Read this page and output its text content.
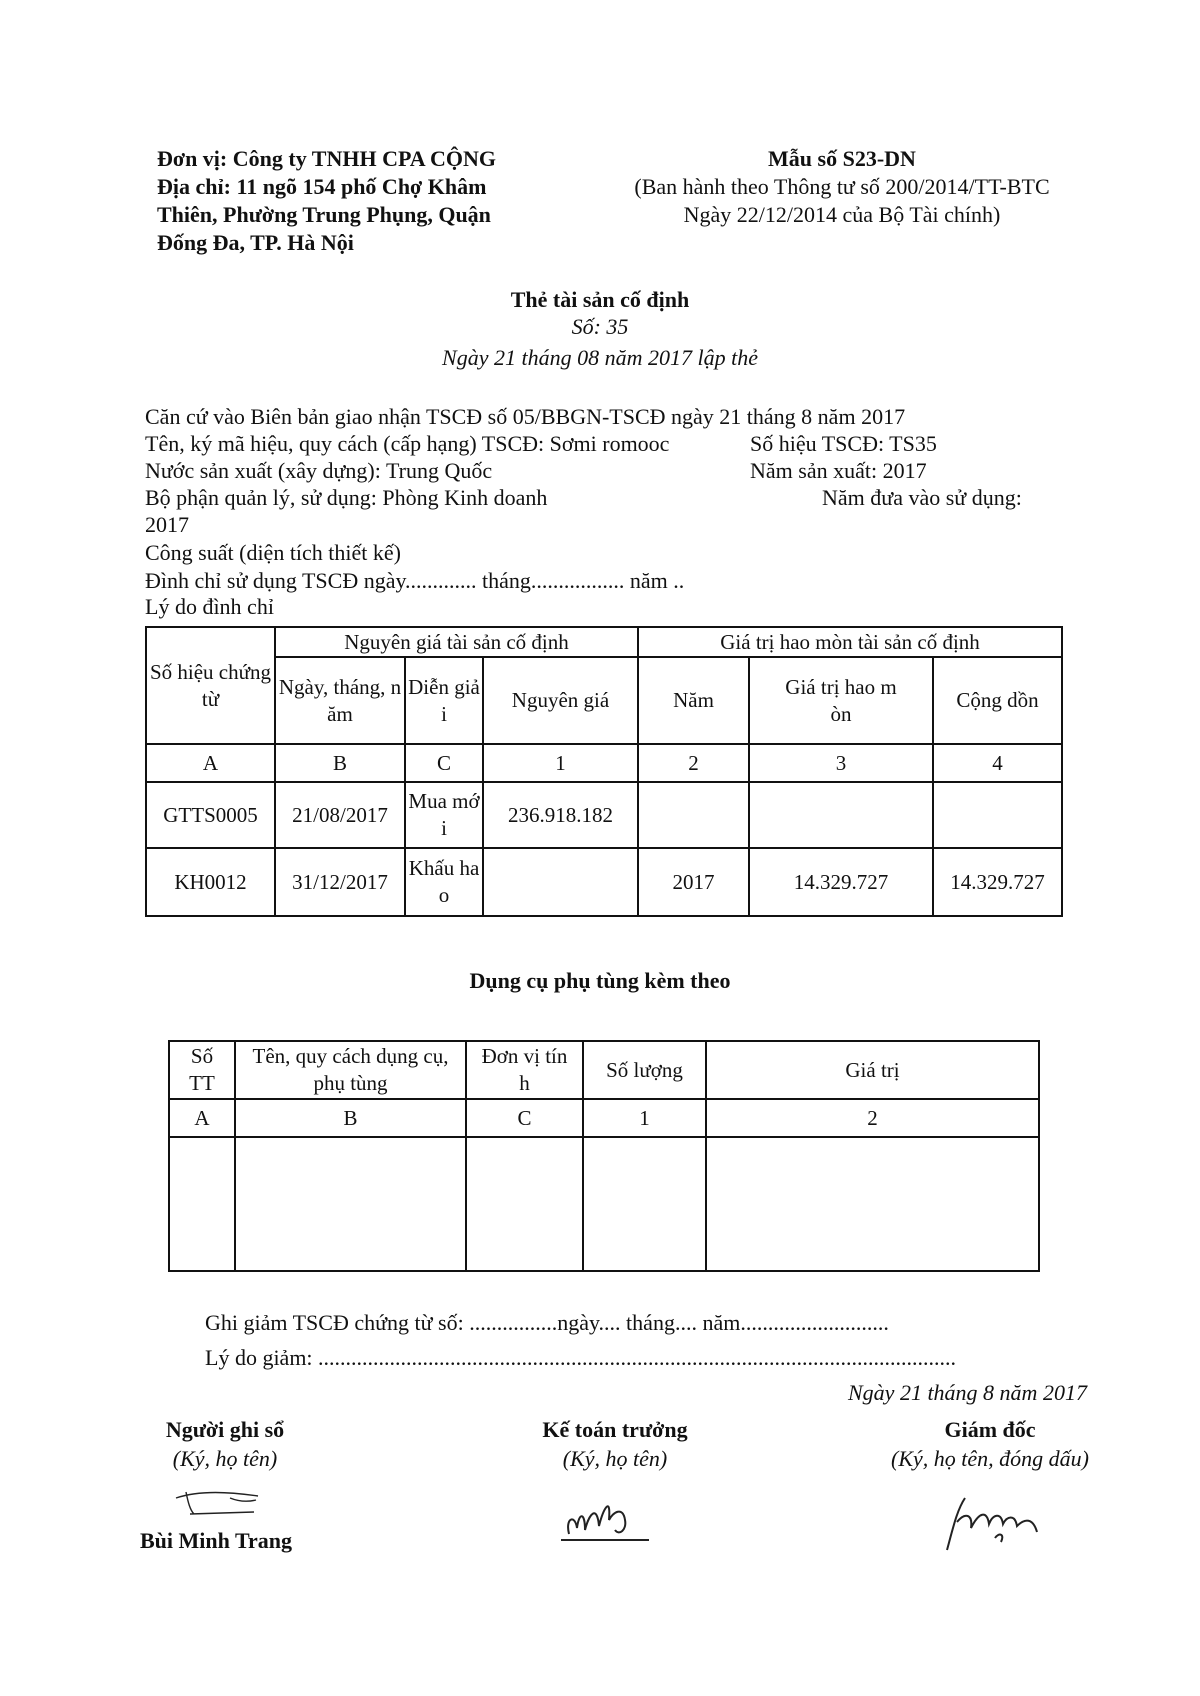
Đơn vị: Công ty TNHH CPA CỘNG
Địa chỉ: 11 ngõ 154 phố Chợ Khâm
Thiên, Phường Trung Phụng, Quận
Đống Đa, TP. Hà Nội
Mẫu số S23-DN
(Ban hành theo Thông tư số 200/2014/TT-BTC
Ngày 22/12/2014 của Bộ Tài chính)
Thẻ tài sản cố định
Số: 35
Ngày 21 tháng 08 năm 2017 lập thẻ
Căn cứ vào Biên bản giao nhận TSCĐ số 05/BBGN-TSCĐ ngày 21 tháng 8 năm 2017
Tên, ký mã hiệu, quy cách (cấp hạng) TSCĐ: Sơmi romooc	Số hiệu TSCĐ: TS35
Nước sản xuất (xây dựng): Trung Quốc	Năm sản xuất: 2017
Bộ phận quản lý, sử dụng: Phòng Kinh doanh	Năm đưa vào sử dụng:
2017
Công suất (diện tích thiết kế)
Đình chỉ sử dụng TSCĐ ngày............. tháng................. năm ..
Lý do đình chỉ
Số hiệu chứng từ	Nguyên giá tài sản cố định			Giá trị hao mòn tài sản cố định		

	Ngày, tháng, năm	Diễn giải	Nguyên giá	Năm	Giá trị hao mòn	Cộng dồn
A	B	C	1	2	3	4

GTTS0005	21/08/2017	Mua mới	236.918.182			

KH0012	31/12/2017	Khấu hao		2017	14.329.727	14.329.727
Dụng cụ phụ tùng kèm theo
Số TT	Tên, quy cách dụng cụ, phụ tùng	Đơn vị tính	Số lượng	Giá trị
A	B	C	1	2

Ghi giảm TSCĐ chứng từ số: ................ngày.... tháng.... năm...........................
Lý do giảm: ....................................................................................................................
Ngày 21 tháng 8 năm 2017
Người ghi sổ
(Ký, họ tên)
Kế toán trưởng
(Ký, họ tên)
Giám đốc
(Ký, họ tên, đóng dấu)
Bùi Minh Trang
